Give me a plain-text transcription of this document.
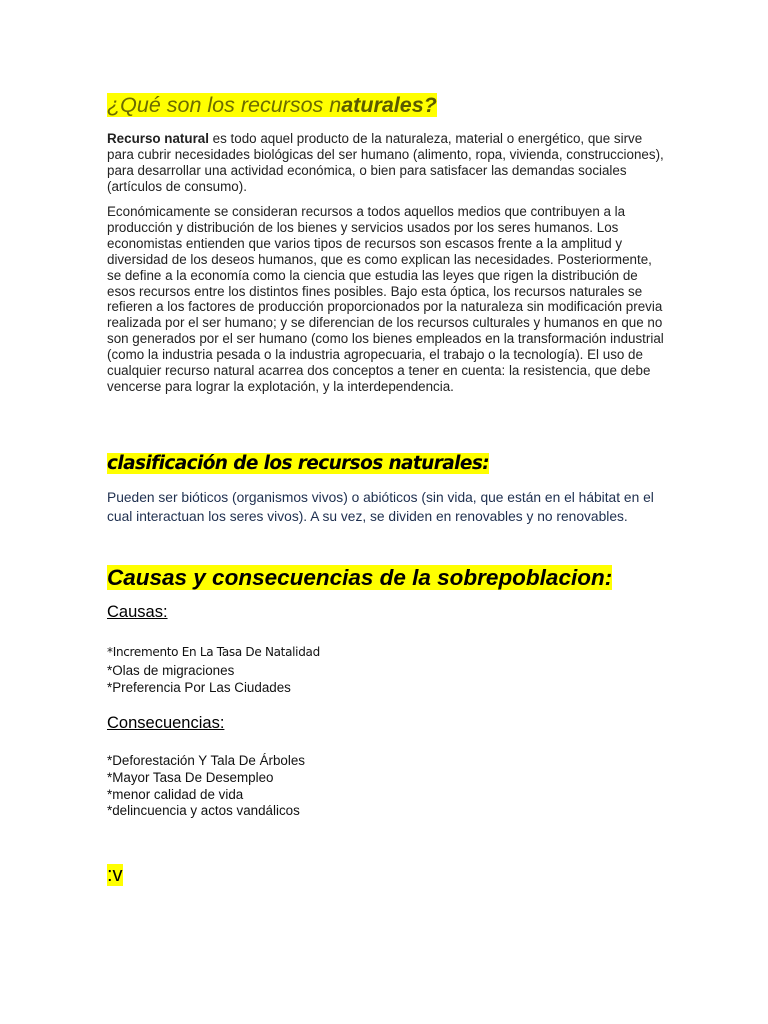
¿Qué son los recursos naturales?
Recurso natural es todo aquel producto de la naturaleza, material o energético, que sirve para cubrir necesidades biológicas del ser humano (alimento, ropa, vivienda, construcciones), para desarrollar una actividad económica, o bien para satisfacer las demandas sociales (artículos de consumo).
Económicamente se consideran recursos a todos aquellos medios que contribuyen a la producción y distribución de los bienes y servicios usados por los seres humanos. Los economistas entienden que varios tipos de recursos son escasos frente a la amplitud y diversidad de los deseos humanos, que es como explican las necesidades. Posteriormente, se define a la economía como la ciencia que estudia las leyes que rigen la distribución de esos recursos entre los distintos fines posibles. Bajo esta óptica, los recursos naturales se refieren a los factores de producción proporcionados por la naturaleza sin modificación previa realizada por el ser humano; y se diferencian de los recursos culturales y humanos en que no son generados por el ser humano (como los bienes empleados en la transformación industrial (como la industria pesada o la industria agropecuaria, el trabajo o la tecnología). El uso de cualquier recurso natural acarrea dos conceptos a tener en cuenta: la resistencia, que debe vencerse para lograr la explotación, y la interdependencia.
clasificación de los recursos naturales:
Pueden ser bióticos (organismos vivos) o abióticos (sin vida, que están en el hábitat en el cual interactuan los seres vivos). A su vez, se dividen en renovables y no renovables.
Causas y consecuencias de la sobrepoblacion:
Causas:
*Incremento En La Tasa De Natalidad
*Olas de migraciones
*Preferencia Por Las Ciudades
Consecuencias:
*Deforestación Y Tala De Árboles
*Mayor Tasa De Desempleo
*menor calidad de vida
*delincuencia y actos vandálicos
:v
